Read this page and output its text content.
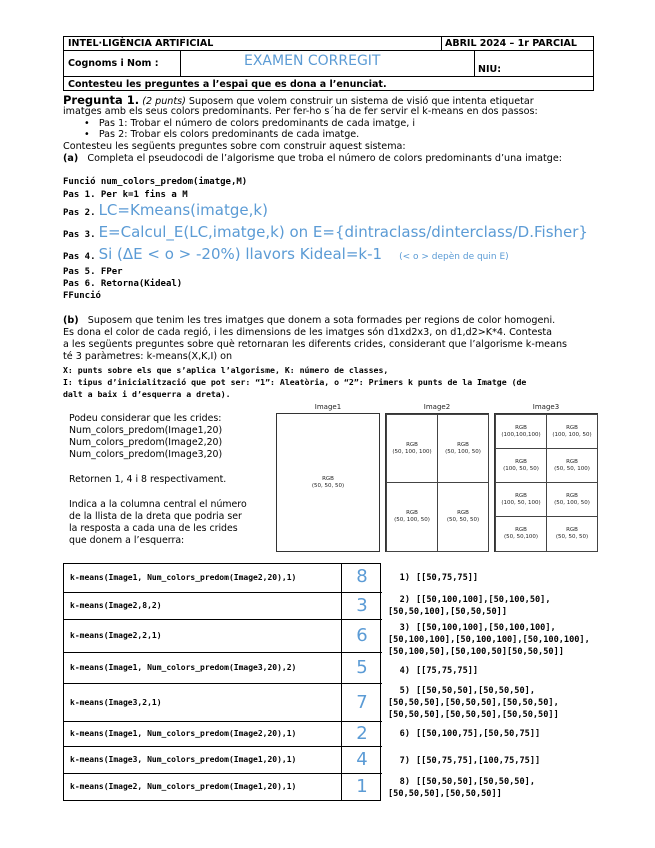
INTEL·LIGÈNCIA ARTIFICIAL	ABRIL 2024 – 1r PARCIAL
Cognoms i Nom :	EXAMEN CORREGIT
NIU:
Contesteu les preguntes a l’espai que es dona a l’enunciat.
Pregunta 1. (2 punts) Suposem que volem construir un sistema de visió que intenta etiquetar
imatges amb els seus colors predominants. Per fer-ho s´ha de fer servir el k-means en dos passos:
•   Pas 1: Trobar el número de colors predominants de cada imatge, i
•   Pas 2: Trobar els colors predominants de cada imatge.
Contesteu les següents preguntes sobre com construir aquest sistema:
(a) Completa el pseudocodi de l’algorisme que troba el número de colors predominants d’una imatge:
Funció num_colors_predom(imatge,M)
Pas 1. Per k=1 fins a M
Pas 2. LC=Kmeans(imatge,k)
Pas 3. E=Calcul_E(LC,imatge,k) on E={dintraclass/dinterclass/D.Fisher}
Pas 4. Si (ΔE < o > -20%) llavors Kideal=k-1 (< o > depèn de quin E)
Pas 5. FPer
Pas 6. Retorna(Kideal)
FFunció
(b) Suposem que tenim les tres imatges que donem a sota formades per regions de color homogeni.
Es dona el color de cada regió, i les dimensions de les imatges són d1xd2x3, on d1,d2>K*4. Contesta
a les següents preguntes sobre què retornaran les diferents crides, considerant que l’algorisme k-means
té 3 paràmetres: k-means(X,K,I) on
X: punts sobre els que s’aplica l’algorisme, K: número de classes,
I: tipus d’inicialització que pot ser: “1”: Aleatòria, o “2”: Primers k punts de la Imatge (de
dalt a baix i d’esquerra a dreta).
Podeu considerar que les crides:
Num_colors_predom(Image1,20)
Num_colors_predom(Image2,20)
Num_colors_predom(Image3,20)
Retornen 1, 4 i 8 respectivament.
Indica a la columna central el número
de la llista de la dreta que podria ser
la resposta a cada una de les crides
que donem a l’esquerra:
Image1
RGB
(50, 50, 50)
Image2
RGB
(50, 100, 100)
RGB
(50, 100, 50)
RGB
(50, 100, 50)
RGB
(50, 50, 50)
Image3
RGB
(100,100,100)
RGB
(100, 100, 50)
RGB
(100, 50, 50)
RGB
(50, 50, 100)
RGB
(100, 50, 100)
RGB
(50, 100, 50)
RGB
(50, 50,100)
RGB
(50, 50, 50)
k-means(Image1, Num_colors_predom(Image2,20),1)	8
k-means(Image2,8,2)	3
k-means(Image2,2,1)	6
k-means(Image1, Num_colors_predom(Image3,20),2)	5
k-means(Image3,2,1)	7
k-means(Image1, Num_colors_predom(Image2,20),1)	2
k-means(Image3, Num_colors_predom(Image1,20),1)	4
k-means(Image2, Num_colors_predom(Image1,20),1)	1
1) [[50,75,75]]
2) [[50,100,100],[50,100,50],
[50,50,100],[50,50,50]]
3) [[50,100,100],[50,100,100],
[50,100,100],[50,100,100],[50,100,100],
[50,100,50],[50,100,50][50,50,50]]
4) [[75,75,75]]
5) [[50,50,50],[50,50,50],
[50,50,50],[50,50,50],[50,50,50],
[50,50,50],[50,50,50],[50,50,50]]
6) [[50,100,75],[50,50,75]]
7) [[50,75,75],[100,75,75]]
8) [[50,50,50],[50,50,50],
[50,50,50],[50,50,50]]
